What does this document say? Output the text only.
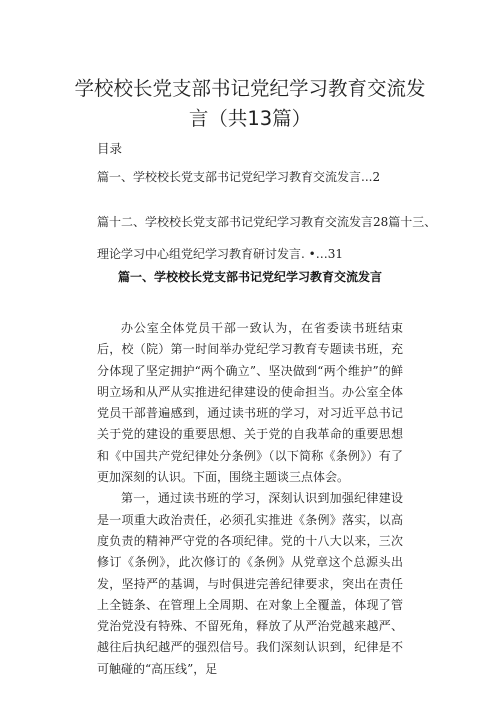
学校校长党支部书记党纪学习教育交流发
言（共13篇）
目录
篇一、学校校长党支部书记党纪学习教育交流发言...2
篇十二、学校校长党支部书记党纪学习教育交流发言28篇十三、
理论学习中心组党纪学习教育研讨发言. •…31
篇一、学校校长党支部书记党纪学习教育交流发言

办公室全体党员干部一致认为，在省委读书班结束后，校（院）第一时间举办党纪学习教育专题读书班，充分体现了坚定拥护“两个确立”、坚决做到“两个维护”的鲜明立场和从严从实推进纪律建设的使命担当。办公室全体党员干部普遍感到，通过读书班的学习，对习近平总书记关于党的建设的重要思想、关于党的自我革命的重要思想和《中国共产党纪律处分条例》（以下简称《条例》）有了更加深刻的认识。下面，围绕主题谈三点体会。

第一，通过读书班的学习，深刻认识到加强纪律建设是一项重大政治责任，必须孔实推进《条例》落实，以高度负责的精神严守党的各项纪律。党的十八大以来，三次修订《条例》，此次修订的《条例》从党章这个总源头出发，坚持严的基调，与时俱进完善纪律要求，突出在责任上全链条、在管理上全周期、在对象上全覆盖，体现了管党治党没有特殊、不留死角，释放了从严治党越来越严、越往后执纪越严的强烈信号。我们深刻认识到，纪律是不可触碰的“高压线”，足
